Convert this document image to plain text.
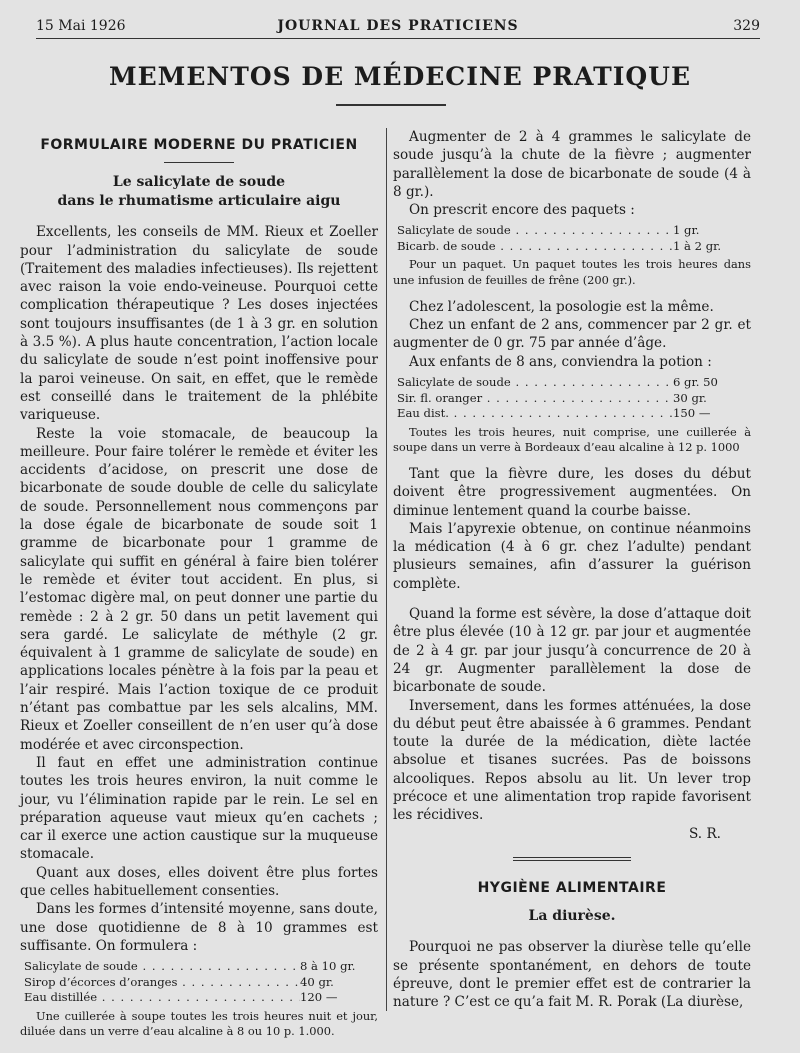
15 Mai 1926	JOURNAL DES PRATICIENS	329
MEMENTOS DE MÉDECINE PRATIQUE
FORMULAIRE MODERNE DU PRATICIEN
Le salicylate de soude
dans le rhumatisme articulaire aigu

Excellents, les conseils de MM. Rieux et Zoeller pour l’administration du salicylate de soude (Traitement des maladies infectieuses). Ils rejettent avec raison la voie endo-veineuse. Pourquoi cette complication thérapeutique ? Les doses injectées sont toujours insuffisantes (de 1 à 3 gr. en solution à 3.5 %). A plus haute concentration, l’action locale du salicylate de soude n’est point inoffensive pour la paroi veineuse. On sait, en effet, que le remède est conseillé dans le traitement de la phlébite variqueuse.

Reste la voie stomacale, de beaucoup la meilleure. Pour faire tolérer le remède et éviter les accidents d’acidose, on prescrit une dose de bicarbonate de soude double de celle du salicylate de soude. Personnellement nous commençons par la dose égale de bicarbonate de soude soit 1 gramme de bicarbonate pour 1 gramme de salicylate qui suffit en général à faire bien tolérer le remède et éviter tout accident. En plus, si l’estomac digère mal, on peut donner une partie du remède : 2 à 2 gr. 50 dans un petit lavement qui sera gardé. Le salicylate de méthyle (2 gr. équivalent à 1 gramme de salicylate de soude) en applications locales pénètre à la fois par la peau et l’air respiré. Mais l’action toxique de ce produit n’étant pas combattue par les sels alcalins, MM. Rieux et Zoeller conseillent de n’en user qu’à dose modérée et avec circonspection.

Il faut en effet une administration continue toutes les trois heures environ, la nuit comme le jour, vu l’élimination rapide par le rein. Le sel en préparation aqueuse vaut mieux qu’en cachets ; car il exerce une action caustique sur la muqueuse stomacale.

Quant aux doses, elles doivent être plus fortes que celles habituellement consenties.

Dans les formes d’intensité moyenne, sans doute, une dose quotidienne de 8 à 10 grammes est suffisante. On formulera :

Salicylate de soude . . .	8 à 10 gr.
Sirop d’écorces d’oranges . . .	40 gr.
Eau distillée . . .	120 —

Une cuillerée à soupe toutes les trois heures nuit et jour, diluée dans un verre d’eau alcaline à 8 ou 10 p. 1.000.

Augmenter de 2 à 4 grammes le salicylate de soude jusqu’à la chute de la fièvre ; augmenter parallèlement la dose de bicarbonate de soude (4 à 8 gr.).

On prescrit encore des paquets :

Salicylate de soude . . .	1 gr.
Bicarb. de soude . . .	1 à 2 gr.

Pour un paquet. Un paquet toutes les trois heures dans une infusion de feuilles de frêne (200 gr.).

Chez l’adolescent, la posologie est la même.

Chez un enfant de 2 ans, commencer par 2 gr. et augmenter de 0 gr. 75 par année d’âge.

Aux enfants de 8 ans, conviendra la potion :

Salicylate de soude . . .	6 gr. 50
Sir. fl. oranger . . .	30 gr.
Eau dist. . . .	150 —

Toutes les trois heures, nuit comprise, une cuillerée à soupe dans un verre à Bordeaux d’eau alcaline à 12 p. 1000

Tant que la fièvre dure, les doses du début doivent être progressivement augmentées. On diminue lentement quand la courbe baisse.

Mais l’apyrexie obtenue, on continue néanmoins la médication (4 à 6 gr. chez l’adulte) pendant plusieurs semaines, afin d’assurer la guérison complète.

Quand la forme est sévère, la dose d’attaque doit être plus élevée (10 à 12 gr. par jour et augmentée de 2 à 4 gr. par jour jusqu’à concurrence de 20 à 24 gr. Augmenter parallèlement la dose de bicarbonate de soude.

Inversement, dans les formes atténuées, la dose du début peut être abaissée à 6 grammes. Pendant toute la durée de la médication, diète lactée absolue et tisanes sucrées. Pas de boissons alcooliques. Repos absolu au lit. Un lever trop précoce et une alimentation trop rapide favorisent les récidives.

S. R.

HYGIÈNE ALIMENTAIRE
La diurèse.

Pourquoi ne pas observer la diurèse telle qu’elle se présente spontanément, en dehors de toute épreuve, dont le premier effet est de contrarier la nature ? C’est ce qu’a fait M. R. Porak (La diurèse,
